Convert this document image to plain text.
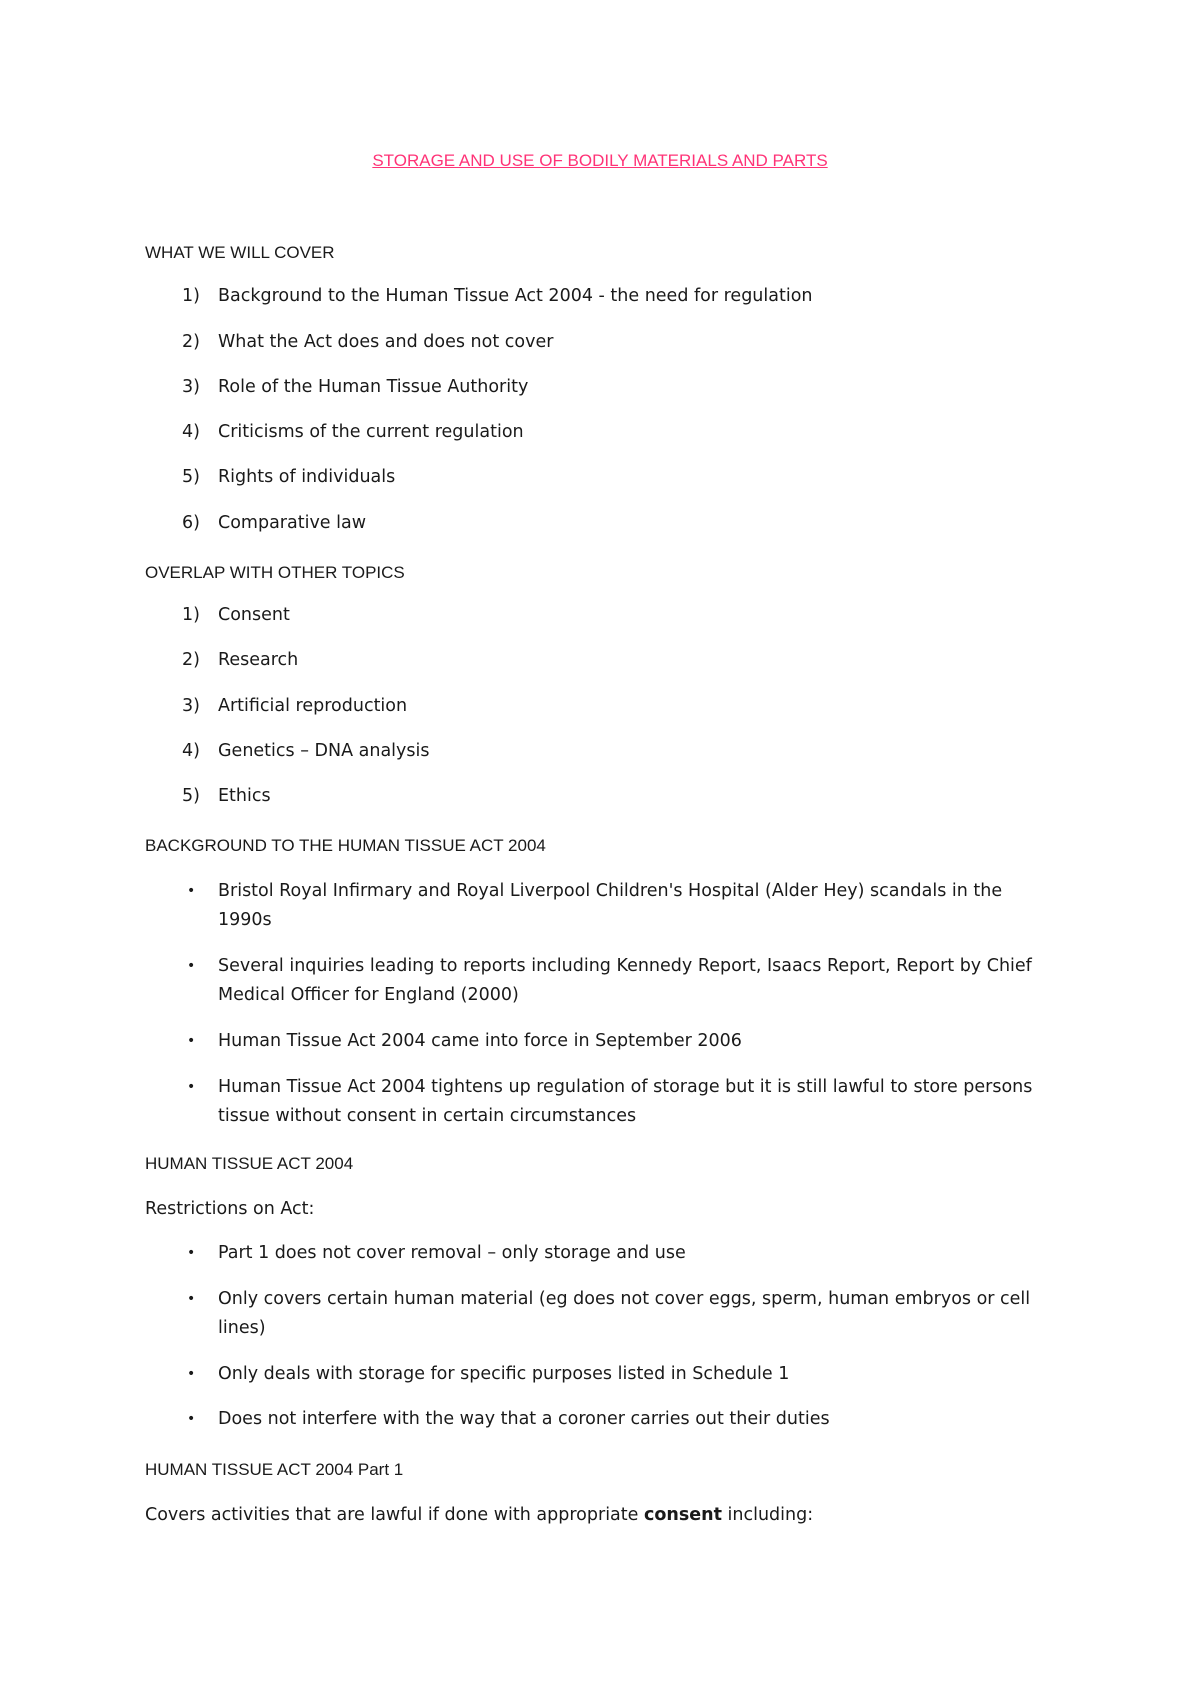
STORAGE AND USE OF BODILY MATERIALS AND PARTS
WHAT WE WILL COVER
1) Background to the Human Tissue Act 2004 - the need for regulation
2) What the Act does and does not cover
3) Role of the Human Tissue Authority
4) Criticisms of the current regulation
5) Rights of individuals
6) Comparative law
OVERLAP WITH OTHER TOPICS
1) Consent
2) Research
3) Artificial reproduction
4) Genetics – DNA analysis
5) Ethics
BACKGROUND TO THE HUMAN TISSUE ACT 2004
• Bristol Royal Infirmary and Royal Liverpool Children's Hospital (Alder Hey) scandals in the
1990s
• Several inquiries leading to reports including Kennedy Report, Isaacs Report, Report by Chief
Medical Officer for England (2000)
• Human Tissue Act 2004 came into force in September 2006
• Human Tissue Act 2004 tightens up regulation of storage but it is still lawful to store persons
tissue without consent in certain circumstances
HUMAN TISSUE ACT 2004
Restrictions on Act:
• Part 1 does not cover removal – only storage and use
• Only covers certain human material (eg does not cover eggs, sperm, human embryos or cell
lines)
• Only deals with storage for specific purposes listed in Schedule 1
• Does not interfere with the way that a coroner carries out their duties
HUMAN TISSUE ACT 2004 Part 1
Covers activities that are lawful if done with appropriate consent including:
